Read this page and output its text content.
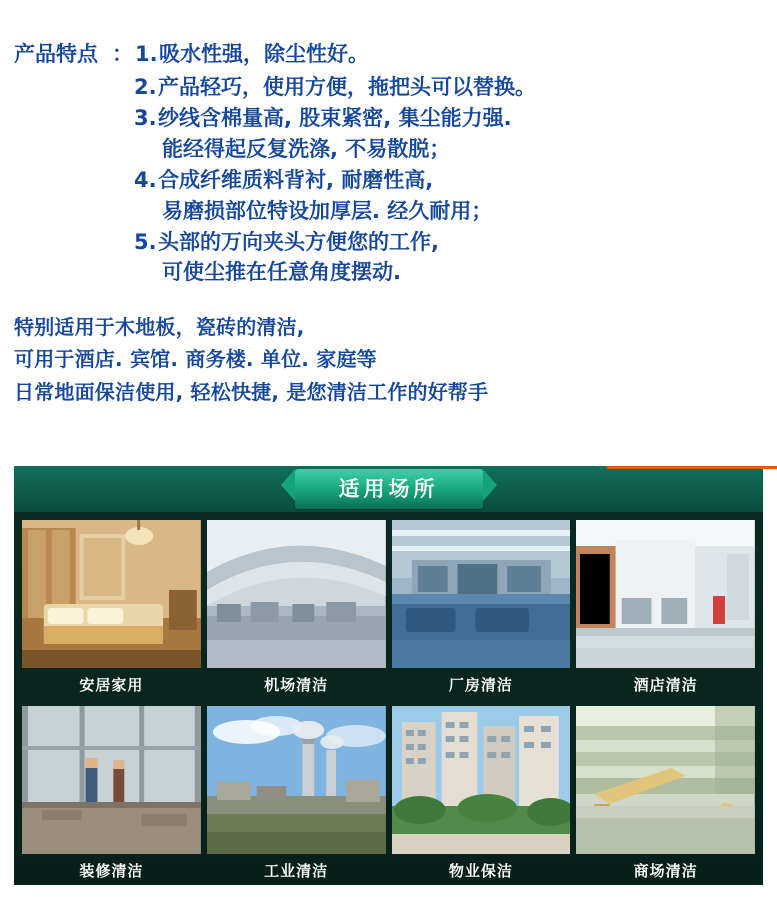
产品特点 ： 1. 吸水性强，除尘性好。
2. 产品轻巧，使用方便，拖把头可以替换。
3. 纱线含棉量高, 股束紧密, 集尘能力强.
能经得起反复洗涤, 不易散脱；
4. 合成纤维质料背衬, 耐磨性高,
易磨损部位特设加厚层. 经久耐用；
5. 头部的万向夹头方便您的工作,
可使尘推在任意角度摆动.
特别适用于木地板，瓷砖的清洁,
可用于酒店. 宾馆. 商务楼. 单位. 家庭等
日常地面保洁使用, 轻松快捷, 是您清洁工作的好帮手
适用场所
安居家用	机场清洁	厂房清洁	酒店清洁
装修清洁	工业清洁	物业保洁	商场清洁
